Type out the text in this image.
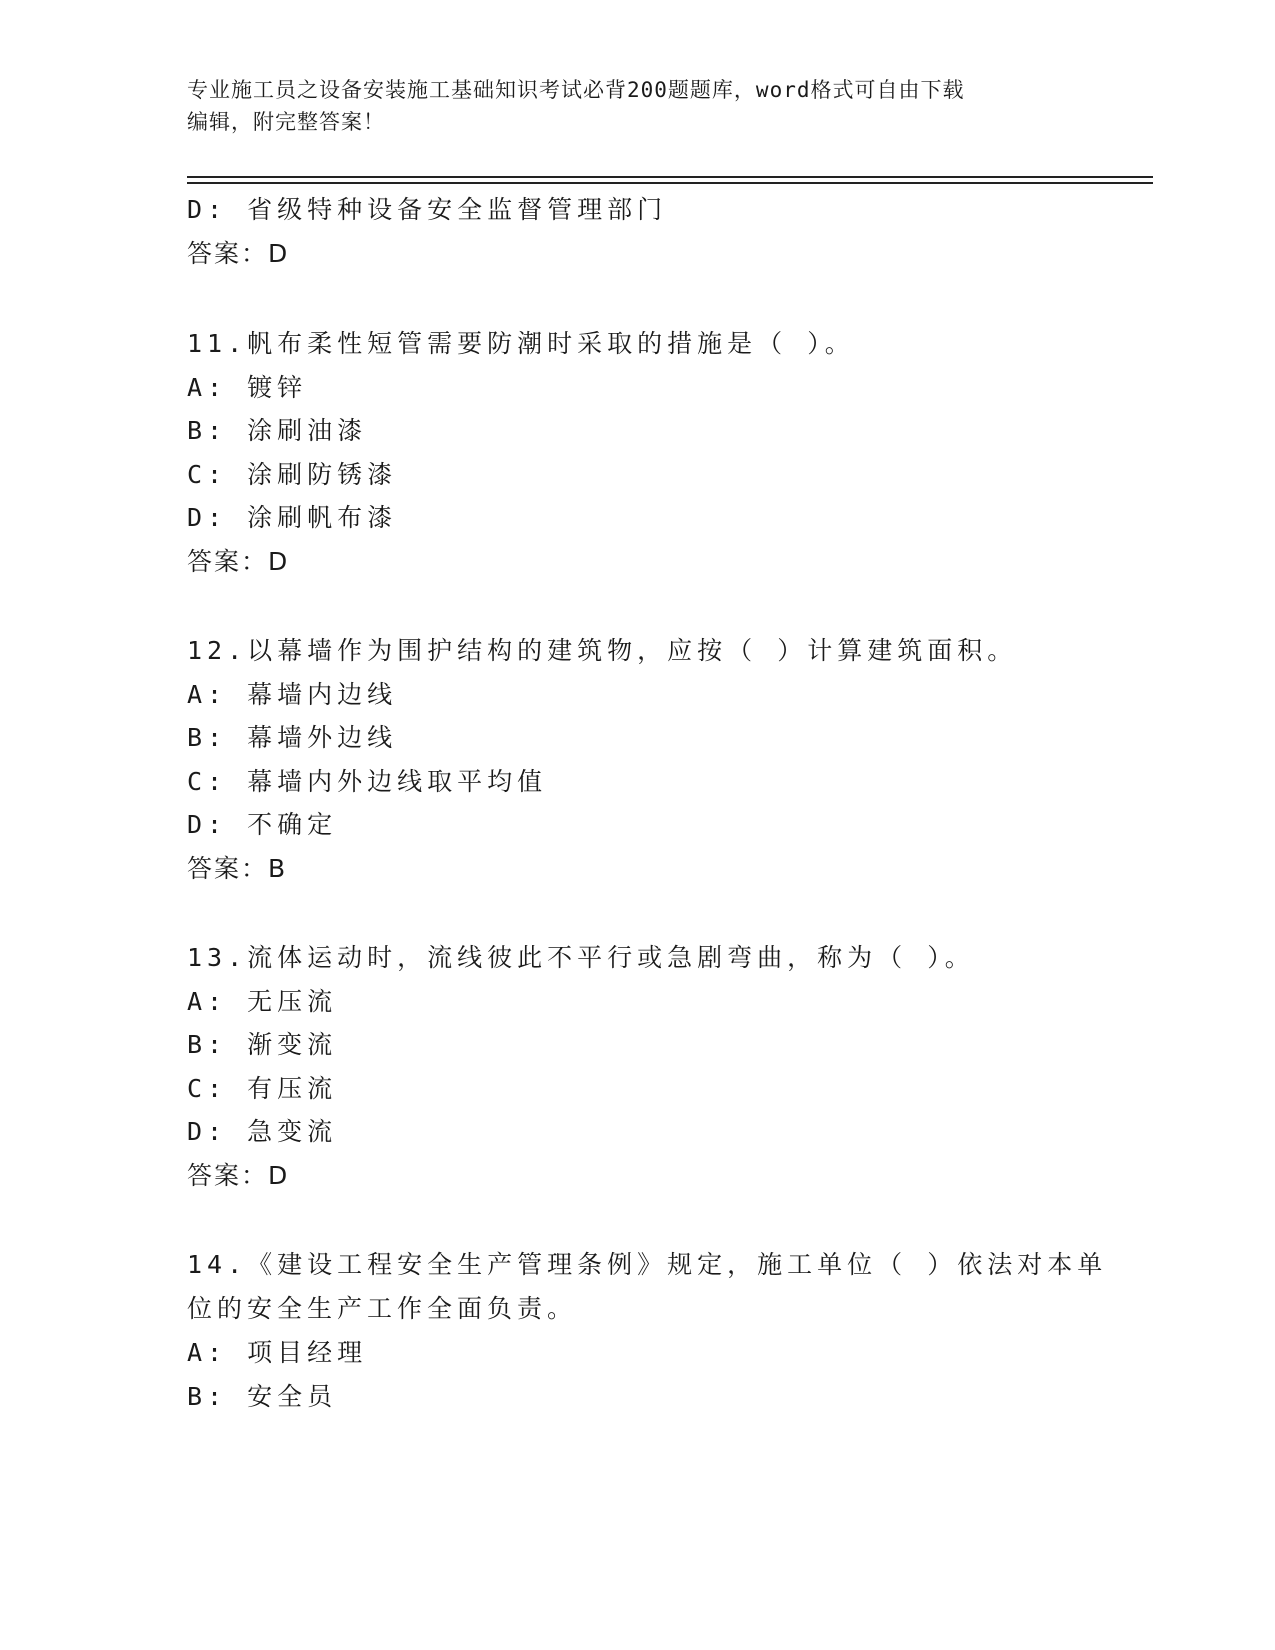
专业施工员之设备安装施工基础知识考试必背200题题库，word格式可自由下载
编辑，附完整答案！
D: 省级特种设备安全监督管理部门
答案：D
11.帆布柔性短管需要防潮时采取的措施是（ ）。
A: 镀锌
B: 涂刷油漆
C: 涂刷防锈漆
D: 涂刷帆布漆
答案：D
12.以幕墙作为围护结构的建筑物，应按（ ）计算建筑面积。
A: 幕墙内边线
B: 幕墙外边线
C: 幕墙内外边线取平均值
D: 不确定
答案：B
13.流体运动时，流线彼此不平行或急剧弯曲，称为（ ）。
A: 无压流
B: 渐变流
C: 有压流
D: 急变流
答案：D
14.《建设工程安全生产管理条例》规定，施工单位（ ）依法对本单
位的安全生产工作全面负责。
A: 项目经理
B: 安全员
